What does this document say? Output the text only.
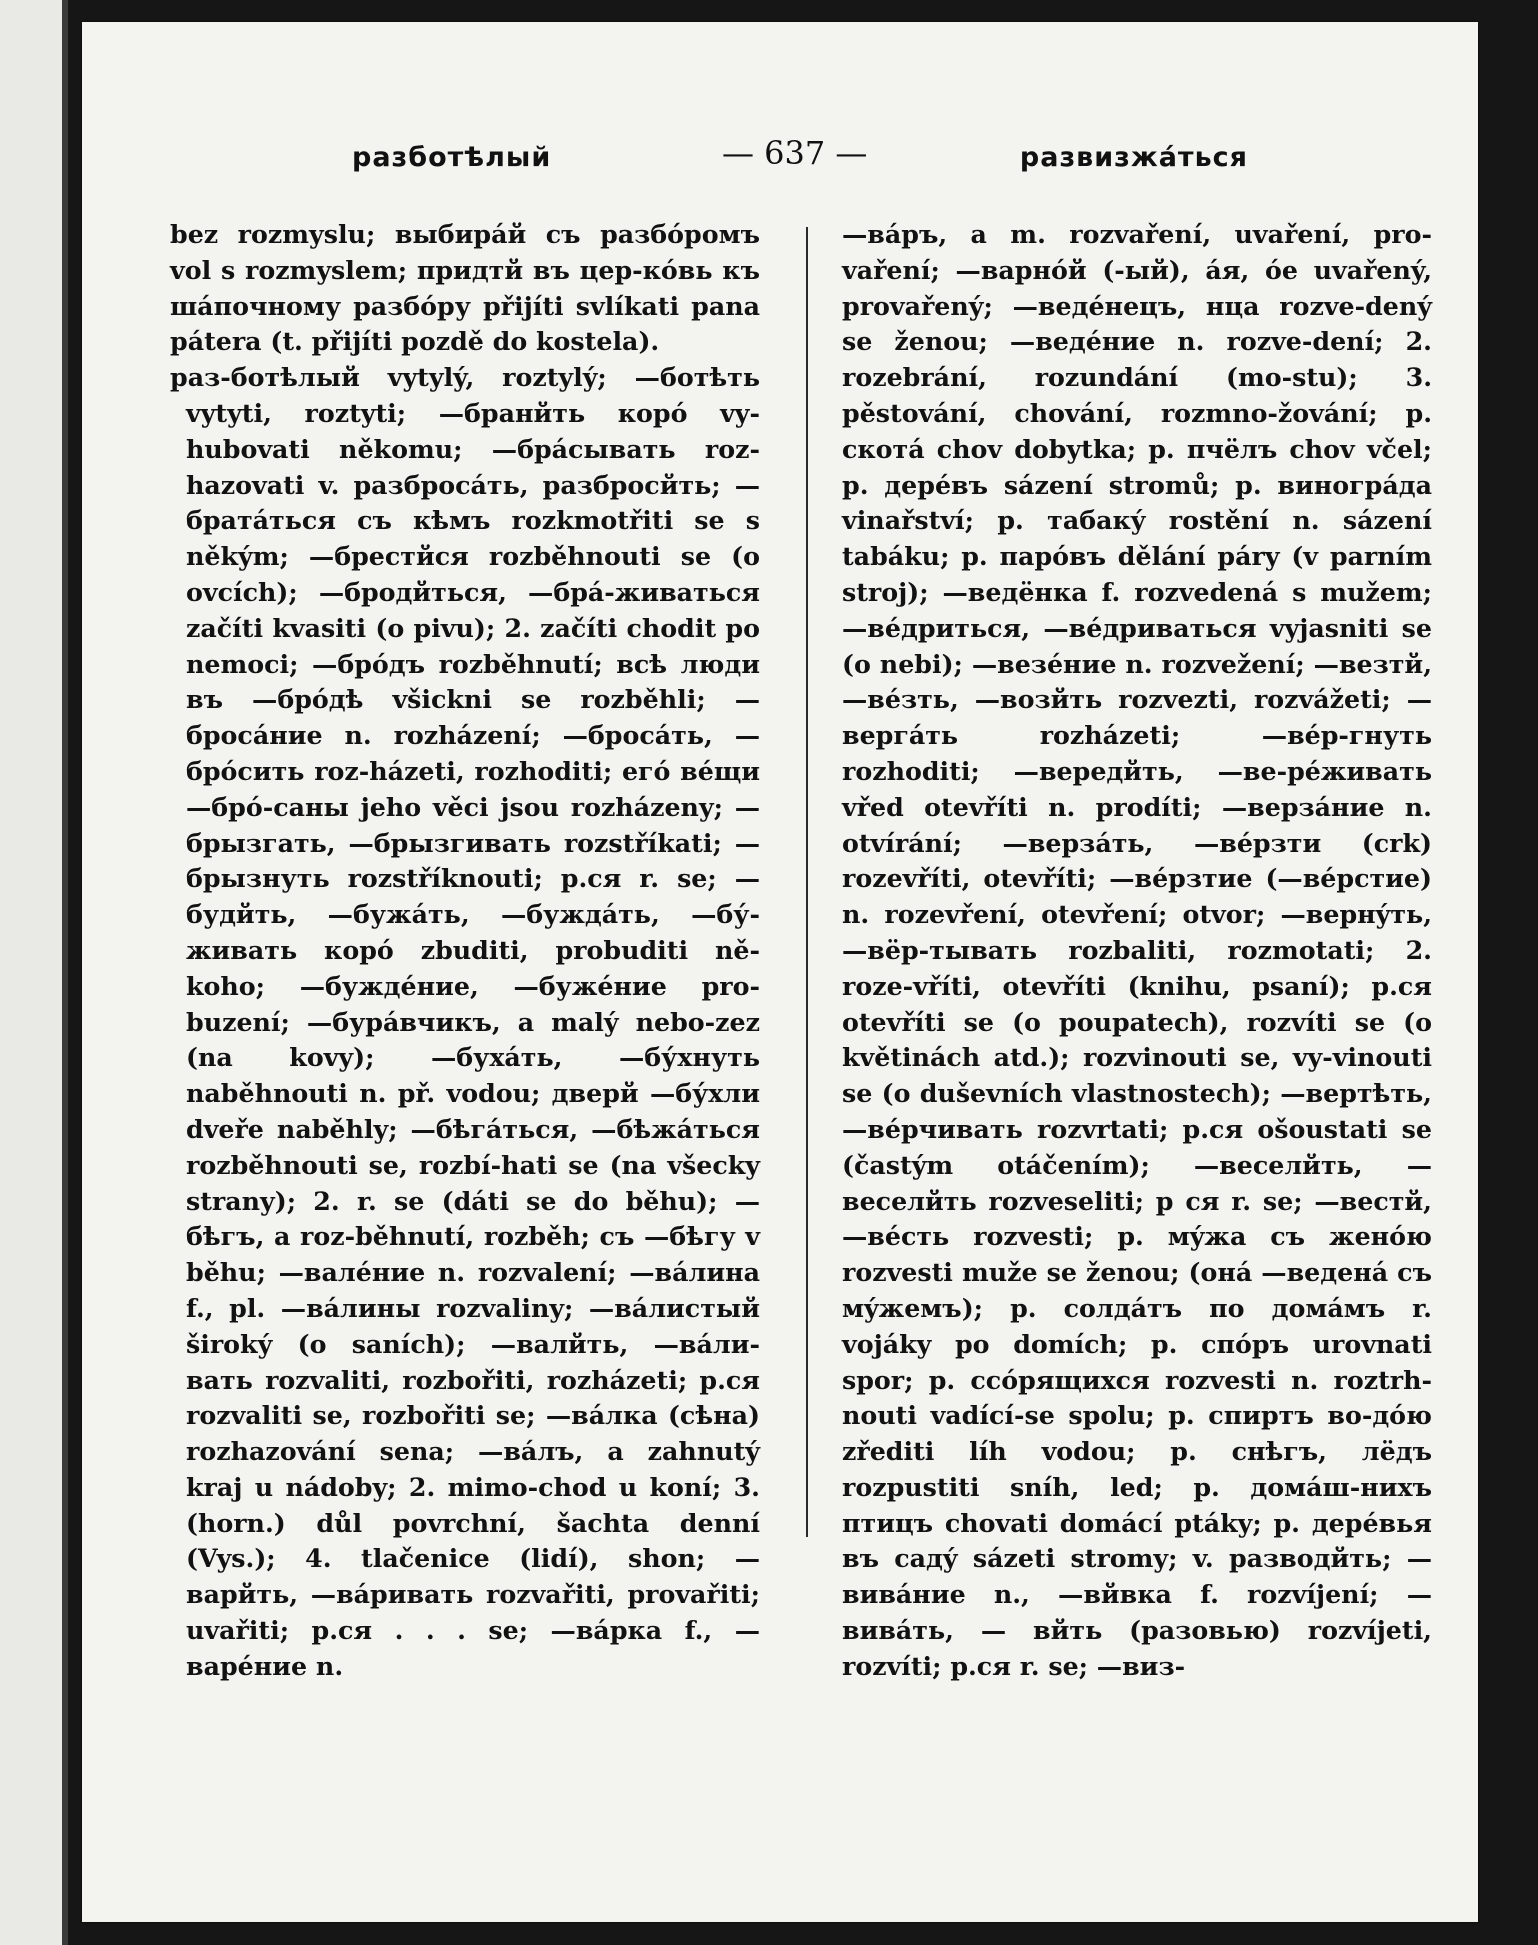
разботѣлый	— 637 —	развизжáться

bez rozmyslu; выбирáй съ разбóромъ vol s rozmyslem; придтй въ цер-кóвь къ шáпочному разбóру přijíti svlíkati pana pátera (t. přijíti pozdě do kostela).

раз-ботѣлый vytylý, roztylý; —ботѣть vytyti, roztyti; —бранйть корó vy-hubovati někomu; —брáсывать roz-hazovati v. разбросáть, разбросйть; —братáться съ кѣмъ rozkmotřiti se s někým; —брестйся rozběhnouti se (o ovcích); —бродйться, —брá-живаться začíti kvasiti (o pivu); 2. začíti chodit po nemoci; —брóдъ rozběhnutí; всѣ люди въ —брóдѣ všickni se rozběhli; —бросáние n. rozházení; —бросáть, —брóсить roz-házeti, rozhoditi; егó вéщи —брó-саны jeho věci jsou rozházeny; —брызгать, —брызгивать rozstříkati; —брызнуть rozstříknouti; р.ся r. se; —будйть, —бужáть, —буждáть, —бу́-живать корó zbuditi, probuditi ně-koho; —буждéние, —бужéние pro-buzení; —бурáвчикъ, a malý nebo-zez (na kovy); —бухáть, —бу́хнуть naběhnouti n. př. vodou; дверй —бу́хли dveře naběhly; —бѣгáться, —бѣжáться rozběhnouti se, rozbí-hati se (na všecky strany); 2. r. se (dáti se do běhu); —бѣгъ, a roz-běhnutí, rozběh; съ —бѣгу v běhu; —валéние n. rozvalení; —вáлина f., pl. —вáлины rozvaliny; —вáлистый široký (o saních); —валйть, —вáли-вать rozvaliti, rozbořiti, rozházeti; р.ся rozvaliti se, rozbořiti se; —вáлка (сѣна) rozhazování sena; —вáлъ, a zahnutý kraj u nádoby; 2. mimo-chod u koní; 3. (horn.) důl povrchní, šachta denní (Vys.); 4. tlačenice (lidí), shon; —варйть, —вáривать rozvařiti, provařiti; uvařiti; р.ся . . . se; —вáрка f., —варéние n.

—вáръ, a m. rozvaření, uvaření, pro-vaření; —варнóй (-ый), áя, óе uvařený, provařený; —ведéнецъ, нца rozve-dený se ženou; —ведéние n. rozve-dení; 2. rozebrání, rozundání (mo-stu); 3. pěstování, chování, rozmno-žování; р. скотá chov dobytka; р. пчёлъ chov včel; р. дерéвъ sázení stromů; р. виногрáда vinařství; р. табакý rostění n. sázení tabáku; р. парóвъ dělání páry (v parním stroj); —ведёнка f. rozvedená s mužem; —вéдриться, —вéдриваться vyjasniti se (o nebi); —везéние n. rozvežení; —везтй, —вéзть, —возйть rozvezti, rozvážeti; —вергáть rozházeti; —вéр-гнуть rozhoditi; —вередйть, —ве-рéживать vřed otevříti n. prodíti; —верзáние n. otvírání; —верзáть, —вéрзти (crk) rozevříti, otevříti; —вéрзтие (—вéрстие) n. rozevření, otevření; otvor; —вернýть, —вёр-тывать rozbaliti, rozmotati; 2. roze-vříti, otevříti (knihu, psaní); р.ся otevříti se (o poupatech), rozvíti se (o květinách atd.); rozvinouti se, vy-vinouti se (o duševních vlastnostech); —вертѣть, —вéрчивать rozvrtati; р.ся ošoustati se (častým otáčením); —веселйть, —веселйть rozveseliti; р ся r. se; —вестй, —вéсть rozvesti; р. мýжа съ женóю rozvesti muže se ženou; (онá —веденá съ мýжемъ); р. солдáтъ по домáмъ r. vojáky po domích; р. спóръ urovnati spor; р. ссóрящихся rozvesti n. roztrh-nouti vadící-se spolu; р. спиртъ во-дóю zřediti líh vodou; р. снѣгъ, лёдъ rozpustiti sníh, led; р. домáш-нихъ птицъ chovati domácí ptáky; р. дерéвья въ садý sázeti stromy; v. разводйть; —вивáние n., —вйвка f. rozvíjení; —вивáть, — вйть (разовью) rozvíjeti, rozvíti; р.ся r. se; —виз-
